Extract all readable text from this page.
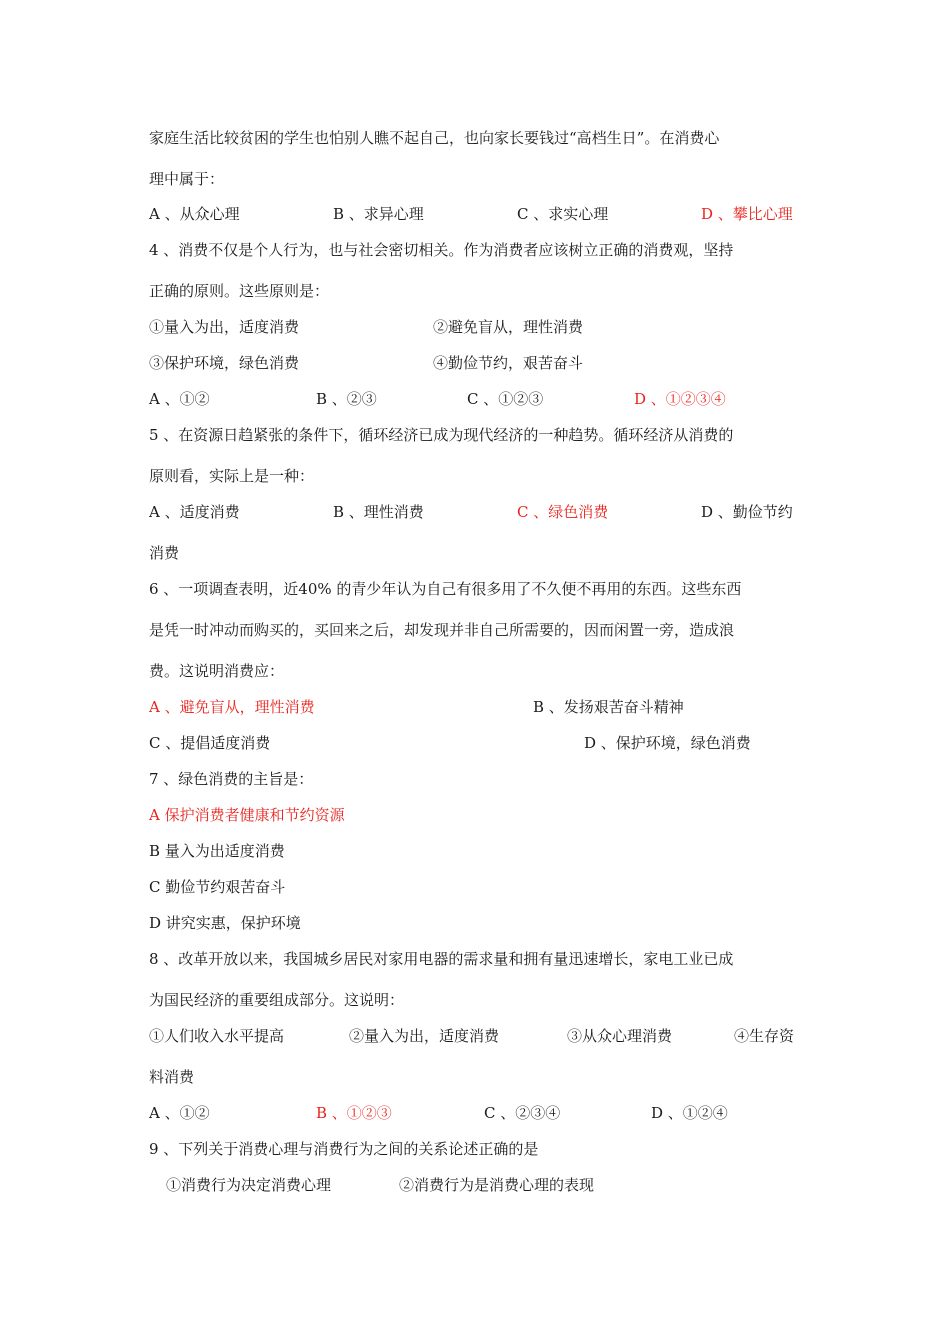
家庭生活比较贫困的学生也怕别人瞧不起自己，也向家长要钱过“高档生日”。在消费心
理中属于：
A 、从众心理	B 、求异心理	C 、求实心理	D 、攀比心理
4 、消费不仅是个人行为，也与社会密切相关。作为消费者应该树立正确的消费观，坚持
正确的原则。这些原则是：
①量入为出，适度消费	②避免盲从，理性消费
③保护环境，绿色消费	④勤俭节约，艰苦奋斗
A 、①②	B 、②③	C 、①②③	D 、①②③④
5 、在资源日趋紧张的条件下，循环经济已成为现代经济的一种趋势。循环经济从消费的
原则看，实际上是一种：
A 、适度消费	B 、理性消费	C 、绿色消费	D 、勤俭节约
消费
6 、一项调查表明，近40% 的青少年认为自己有很多用了不久便不再用的东西。这些东西
是凭一时冲动而购买的，买回来之后，却发现并非自己所需要的，因而闲置一旁，造成浪
费。这说明消费应：
A 、避免盲从，理性消费	B 、发扬艰苦奋斗精神
C 、提倡适度消费	D 、保护环境，绿色消费
7 、绿色消费的主旨是：
A 保护消费者健康和节约资源
B 量入为出适度消费
C 勤俭节约艰苦奋斗
D 讲究实惠，保护环境
8 、改革开放以来，我国城乡居民对家用电器的需求量和拥有量迅速增长，家电工业已成
为国民经济的重要组成部分。这说明：
①人们收入水平提高	②量入为出，适度消费	③从众心理消费	④生存资
料消费
A 、①②	B 、①②③	C 、②③④	D 、①②④
9 、下列关于消费心理与消费行为之间的关系论述正确的是
①消费行为决定消费心理	②消费行为是消费心理的表现
